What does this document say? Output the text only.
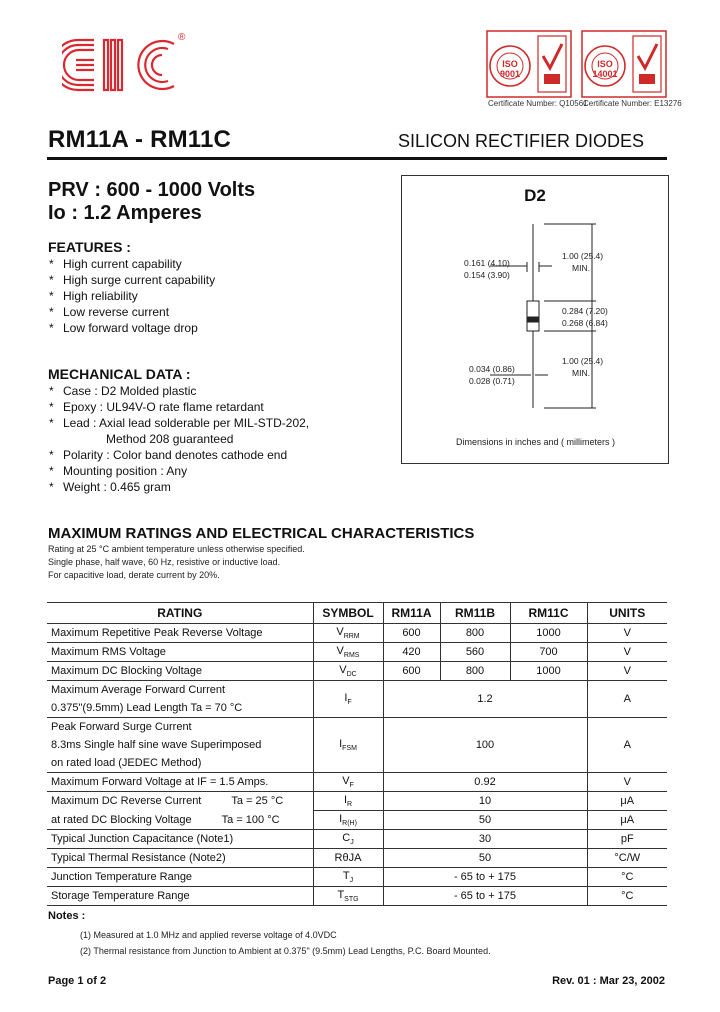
®
ISO 9001
Certificate Number: Q10561
ISO 14001
Certificate Number: E13276
RM11A - RM11C	SILICON RECTIFIER DIODES
PRV : 600 - 1000 Volts
Io : 1.2 Amperes
FEATURES :
* High current capability
* High surge current capability
* High reliability
* Low reverse current
* Low forward voltage drop
MECHANICAL DATA :
* Case : D2 Molded plastic
* Epoxy : UL94V-O rate flame retardant
* Lead : Axial lead solderable per MIL-STD-202,
Method 208 guaranteed
* Polarity : Color band denotes cathode end
* Mounting position : Any
* Weight : 0.465 gram
D2
1.00 (25.4)
MIN.
0.161 (4.10)
0.154 (3.90)
0.284 (7.20)
0.268 (6.84)
1.00 (25.4)
MIN.
0.034 (0.86)
0.028 (0.71)
Dimensions in inches and ( millimeters )
MAXIMUM RATINGS AND ELECTRICAL CHARACTERISTICS
Rating at 25 °C ambient temperature unless otherwise specified.
Single phase, half wave, 60 Hz, resistive or inductive load.
For capacitive load, derate current by 20%.
RATING	SYMBOL	RM11A	RM11B	RM11C	UNITS
Maximum Repetitive Peak Reverse Voltage	$V_{RRM}$	600	800	1000	V
Maximum RMS Voltage	$V_{RMS}$	420	560	700	V
Maximum DC Blocking Voltage	$V_{DC}$	600	800	1000	V
Maximum Average Forward Current	$I_F$	1.2			A
0.375"(9.5mm) Lead Length Ta = 70 °C					
Peak Forward Surge Current	$I_{FSM}$	100			A
8.3ms Single half sine wave Superimposed					
on rated load (JEDEC Method)					
Maximum Forward Voltage at IF = 1.5 Amps.	$V_F$	0.92			V
Maximum DC Reverse Current Ta = 25 °C	$I_R$	10			μA
at rated DC Blocking Voltage Ta = 100 °C	$I_{R(H)}$	50			μA
Typical Junction Capacitance (Note1)	$C_J$	30			pF
Typical Thermal Resistance (Note2)	RθJA	50			°C/W
Junction Temperature Range	$T_J$	- 65 to + 175			°C
Storage Temperature Range	$T_{STG}$	- 65 to + 175			°C
Notes :
(1) Measured at 1.0 MHz and applied reverse voltage of 4.0VDC
(2) Thermal resistance from Junction to Ambient at 0.375" (9.5mm) Lead Lengths, P.C. Board Mounted.
Page 1 of 2	Rev. 01 : Mar 23, 2002
